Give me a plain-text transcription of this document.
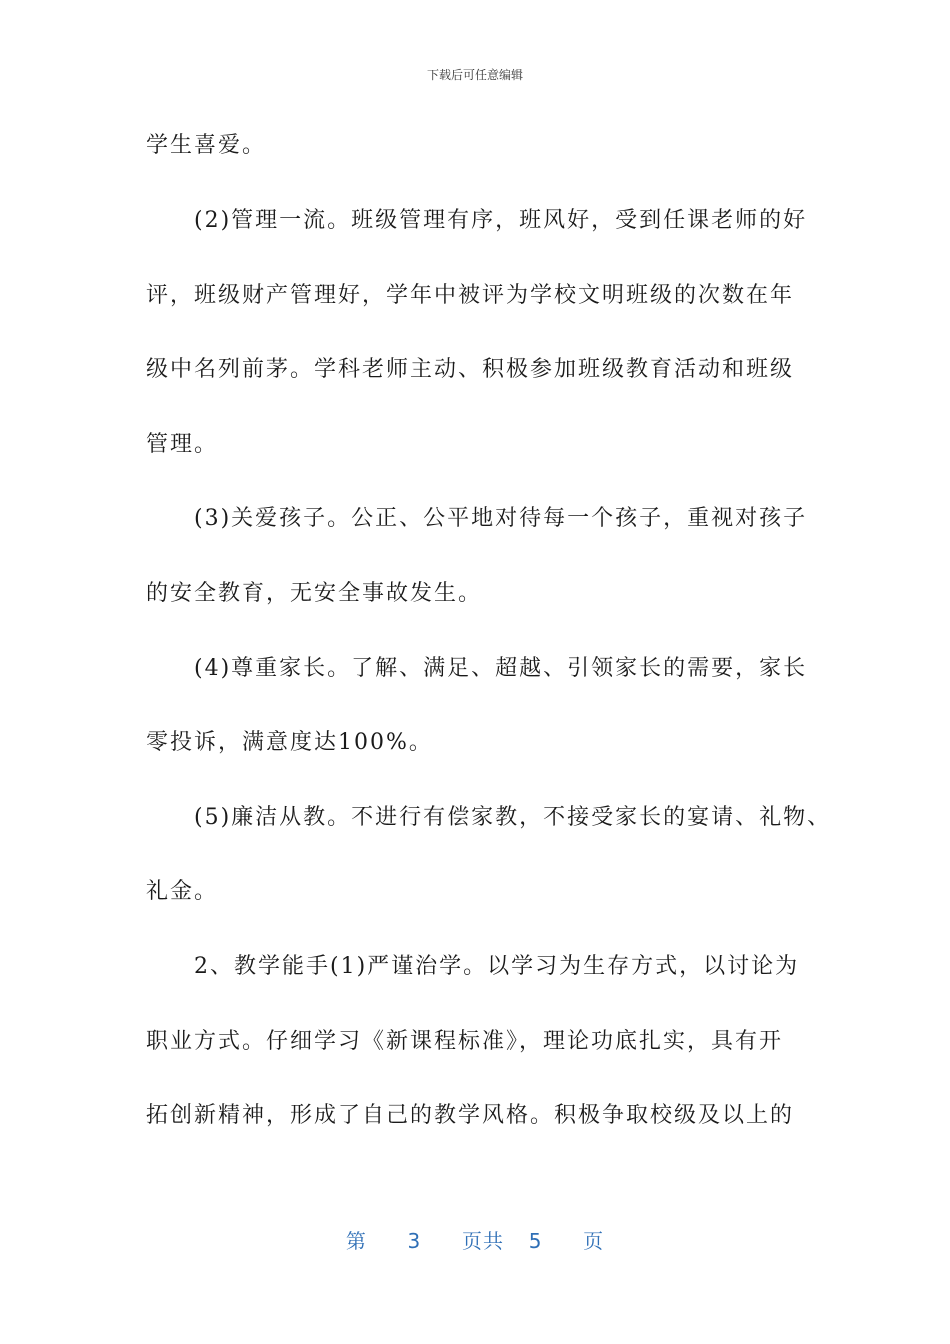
下载后可任意编辑
学生喜爱。
(2)管理一流。班级管理有序，班风好，受到任课老师的好
评，班级财产管理好，学年中被评为学校文明班级的次数在年
级中名列前茅。学科老师主动、积极参加班级教育活动和班级
管理。
(3)关爱孩子。公正、公平地对待每一个孩子，重视对孩子
的安全教育，无安全事故发生。
(4)尊重家长。了解、满足、超越、引领家长的需要，家长
零投诉，满意度达100%。
(5)廉洁从教。不进行有偿家教，不接受家长的宴请、礼物、
礼金。
2、教学能手(1)严谨治学。以学习为生存方式，以讨论为
职业方式。仔细学习《新课程标准》，理论功底扎实，具有开
拓创新精神，形成了自己的教学风格。积极争取校级及以上的
第 3 页共 5 页
